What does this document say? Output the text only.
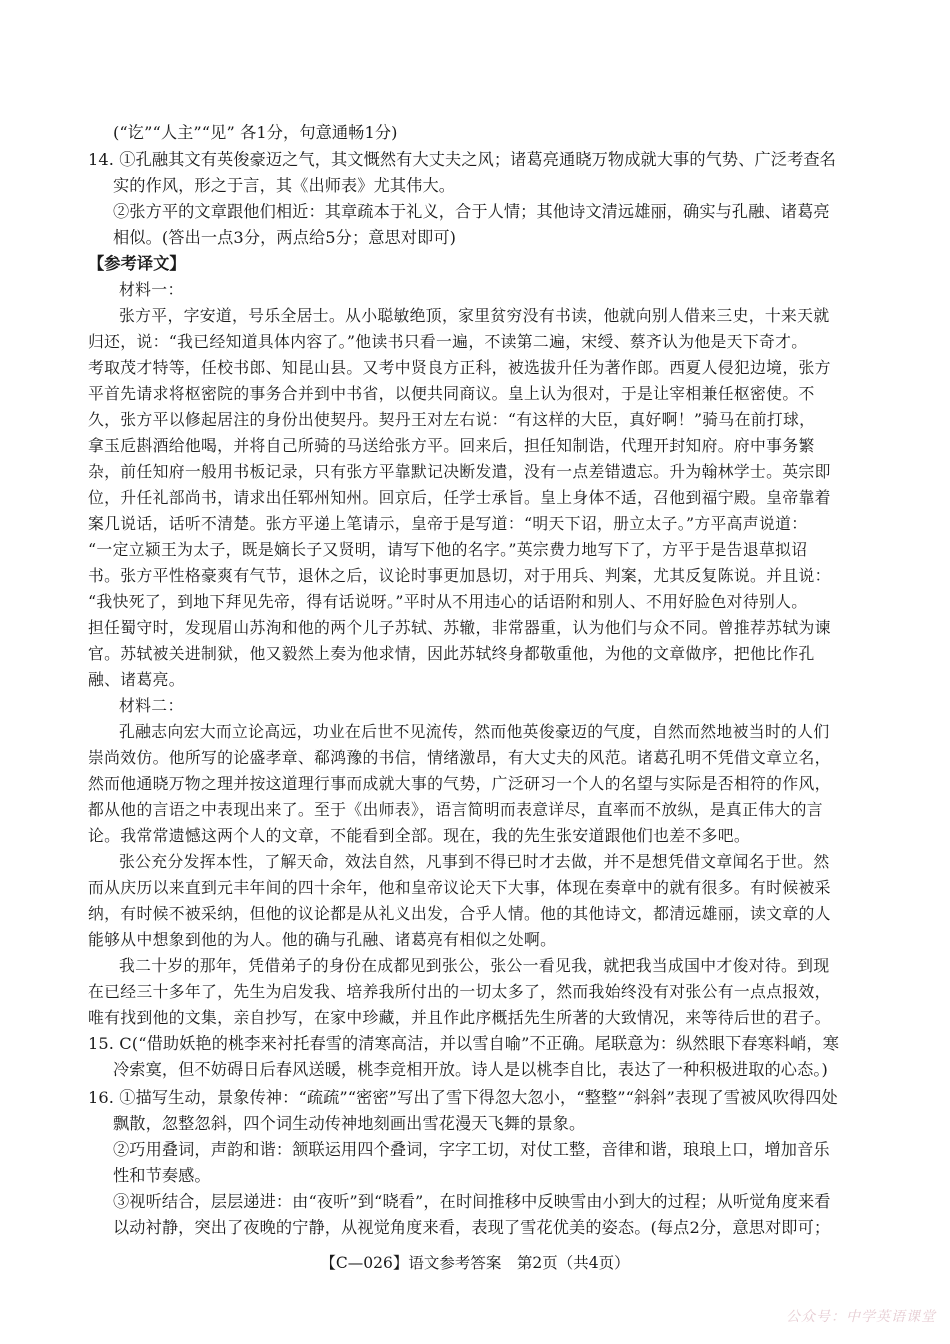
(“讫”“人主”“见” 各1分，句意通畅1分)
14. ①孔融其文有英俊豪迈之气，其文慨然有大丈夫之风；诸葛亮通晓万物成就大事的气势、广泛考查名
实的作风，形之于言，其《出师表》尤其伟大。
②张方平的文章跟他们相近：其章疏本于礼义，合于人情；其他诗文清远雄丽，确实与孔融、诸葛亮
相似。(答出一点3分，两点给5分；意思对即可)
【参考译文】
材料一：
张方平，字安道，号乐全居士。从小聪敏绝顶，家里贫穷没有书读，他就向别人借来三史，十来天就
归还，说：“我已经知道具体内容了。”他读书只看一遍，不读第二遍，宋绶、蔡齐认为他是天下奇才。
考取茂才特等，任校书郎、知昆山县。又考中贤良方正科，被选拔升任为著作郎。西夏人侵犯边境，张方
平首先请求将枢密院的事务合并到中书省，以便共同商议。皇上认为很对，于是让宰相兼任枢密使。不
久，张方平以修起居注的身份出使契丹。契丹王对左右说：“有这样的大臣，真好啊！”骑马在前打球，
拿玉卮斟酒给他喝，并将自己所骑的马送给张方平。回来后，担任知制诰，代理开封知府。府中事务繁
杂，前任知府一般用书板记录，只有张方平靠默记决断发遣，没有一点差错遗忘。升为翰林学士。英宗即
位，升任礼部尚书，请求出任郓州知州。回京后，任学士承旨。皇上身体不适，召他到福宁殿。皇帝靠着
案几说话，话听不清楚。张方平递上笔请示，皇帝于是写道：“明天下诏，册立太子。”方平高声说道：
“一定立颍王为太子，既是嫡长子又贤明，请写下他的名字。”英宗费力地写下了，方平于是告退草拟诏
书。张方平性格豪爽有气节，退休之后，议论时事更加恳切，对于用兵、判案，尤其反复陈说。并且说：
“我快死了，到地下拜见先帝，得有话说呀。”平时从不用违心的话语附和别人、不用好脸色对待别人。
担任蜀守时，发现眉山苏洵和他的两个儿子苏轼、苏辙，非常器重，认为他们与众不同。曾推荐苏轼为谏
官。苏轼被关进制狱，他又毅然上奏为他求情，因此苏轼终身都敬重他，为他的文章做序，把他比作孔
融、诸葛亮。
材料二：
孔融志向宏大而立论高远，功业在后世不见流传，然而他英俊豪迈的气度，自然而然地被当时的人们
崇尚效仿。他所写的论盛孝章、郗鸿豫的书信，情绪激昂，有大丈夫的风范。诸葛孔明不凭借文章立名，
然而他通晓万物之理并按这道理行事而成就大事的气势，广泛研习一个人的名望与实际是否相符的作风，
都从他的言语之中表现出来了。至于《出师表》，语言简明而表意详尽，直率而不放纵，是真正伟大的言
论。我常常遗憾这两个人的文章，不能看到全部。现在，我的先生张安道跟他们也差不多吧。
张公充分发挥本性，了解天命，效法自然，凡事到不得已时才去做，并不是想凭借文章闻名于世。然
而从庆历以来直到元丰年间的四十余年，他和皇帝议论天下大事，体现在奏章中的就有很多。有时候被采
纳，有时候不被采纳，但他的议论都是从礼义出发，合乎人情。他的其他诗文，都清远雄丽，读文章的人
能够从中想象到他的为人。他的确与孔融、诸葛亮有相似之处啊。
我二十岁的那年，凭借弟子的身份在成都见到张公，张公一看见我，就把我当成国中才俊对待。到现
在已经三十多年了，先生为启发我、培养我所付出的一切太多了，然而我始终没有对张公有一点点报效，
唯有找到他的文集，亲自抄写，在家中珍藏，并且作此序概括先生所著的大致情况，来等待后世的君子。
15. C(“借助妖艳的桃李来衬托春雪的清寒高洁，并以雪自喻”不正确。尾联意为：纵然眼下春寒料峭，寒
冷索寞，但不妨碍日后春风送暖，桃李竞相开放。诗人是以桃李自比，表达了一种积极进取的心态。)
16. ①描写生动，景象传神：“疏疏”“密密”写出了雪下得忽大忽小，“整整”“斜斜”表现了雪被风吹得四处
飘散，忽整忽斜，四个词生动传神地刻画出雪花漫天飞舞的景象。
②巧用叠词，声韵和谐：颔联运用四个叠词，字字工切，对仗工整，音律和谐，琅琅上口，增加音乐
性和节奏感。
③视听结合，层层递进：由“夜听”到“晓看”，在时间推移中反映雪由小到大的过程；从听觉角度来看
以动衬静，突出了夜晚的宁静，从视觉角度来看，表现了雪花优美的姿态。(每点2分，意思对即可；
【C—026】语文参考答案　第2页（共4页）
公众号：中学英语课堂
